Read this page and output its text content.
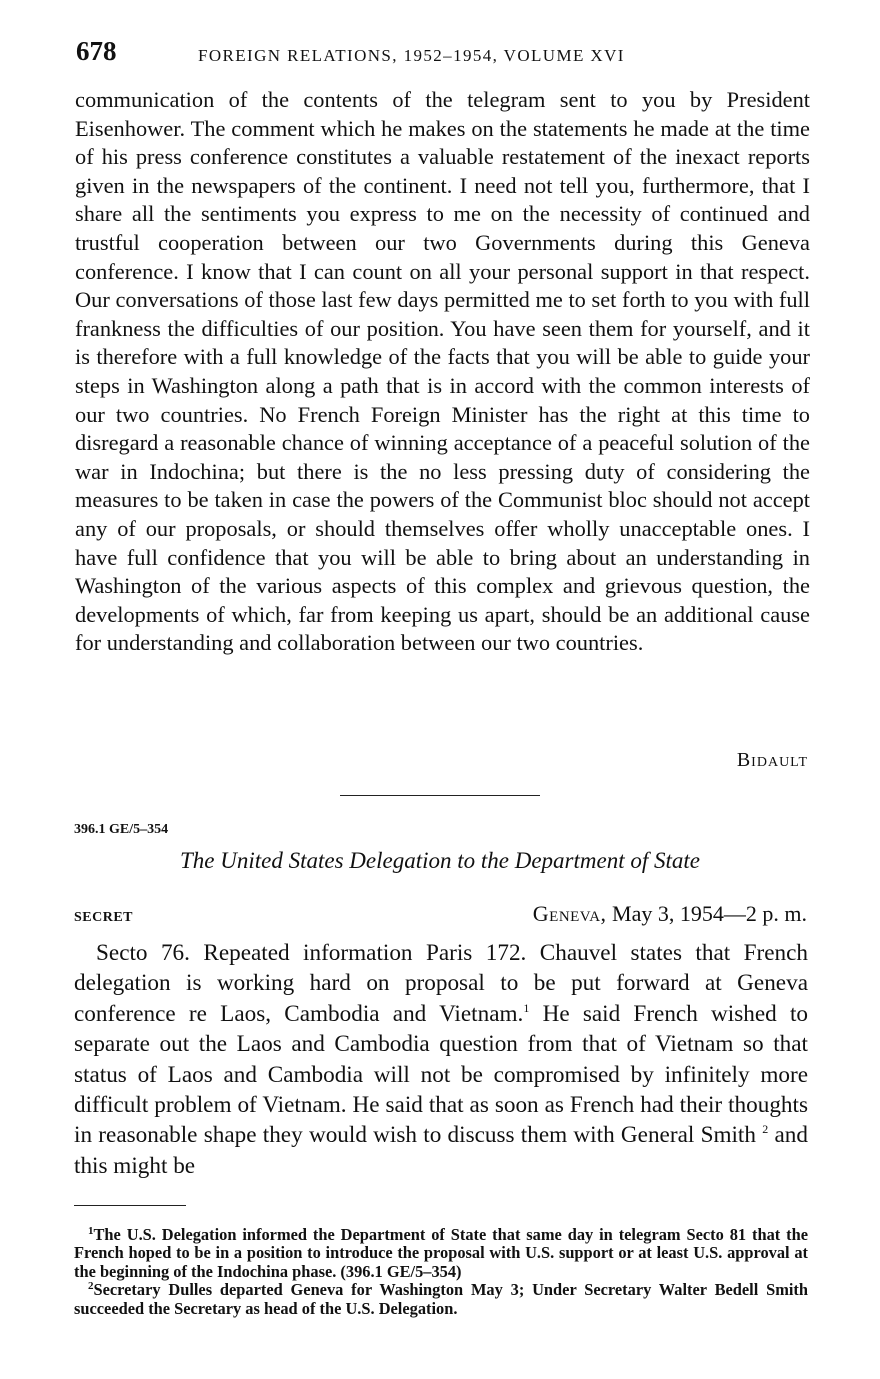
678	FOREIGN RELATIONS, 1952–1954, VOLUME XVI

communication of the contents of the telegram sent to you by President Eisenhower. The comment which he makes on the statements he made at the time of his press conference constitutes a valuable restatement of the inexact reports given in the newspapers of the continent. I need not tell you, furthermore, that I share all the sentiments you express to me on the necessity of continued and trustful cooperation between our two Governments during this Geneva conference. I know that I can count on all your personal support in that respect. Our conversations of those last few days permitted me to set forth to you with full frankness the difficulties of our position. You have seen them for yourself, and it is therefore with a full knowledge of the facts that you will be able to guide your steps in Washington along a path that is in accord with the common interests of our two countries. No French Foreign Minister has the right at this time to disregard a reasonable chance of winning acceptance of a peaceful solution of the war in Indochina; but there is the no less pressing duty of considering the measures to be taken in case the powers of the Communist bloc should not accept any of our proposals, or should themselves offer wholly unacceptable ones. I have full confidence that you will be able to bring about an understanding in Washington of the various aspects of this complex and grievous question, the developments of which, far from keeping us apart, should be an additional cause for understanding and collaboration between our two countries.

Bidault
396.1 GE/5–354
The United States Delegation to the Department of State
SECRET	Geneva, May 3, 1954—2 p. m.

Secto 76. Repeated information Paris 172. Chauvel states that French delegation is working hard on proposal to be put forward at Geneva conference re Laos, Cambodia and Vietnam.$^1$ He said French wished to separate out the Laos and Cambodia question from that of Vietnam so that status of Laos and Cambodia will not be compromised by infinitely more difficult problem of Vietnam. He said that as soon as French had their thoughts in reasonable shape they would wish to discuss them with General Smith $^2$ and this might be

$^1$The U.S. Delegation informed the Department of State that same day in telegram Secto 81 that the French hoped to be in a position to introduce the proposal with U.S. support or at least U.S. approval at the beginning of the Indochina phase. (396.1 GE/5–354)

$^2$Secretary Dulles departed Geneva for Washington May 3; Under Secretary Walter Bedell Smith succeeded the Secretary as head of the U.S. Delegation.
